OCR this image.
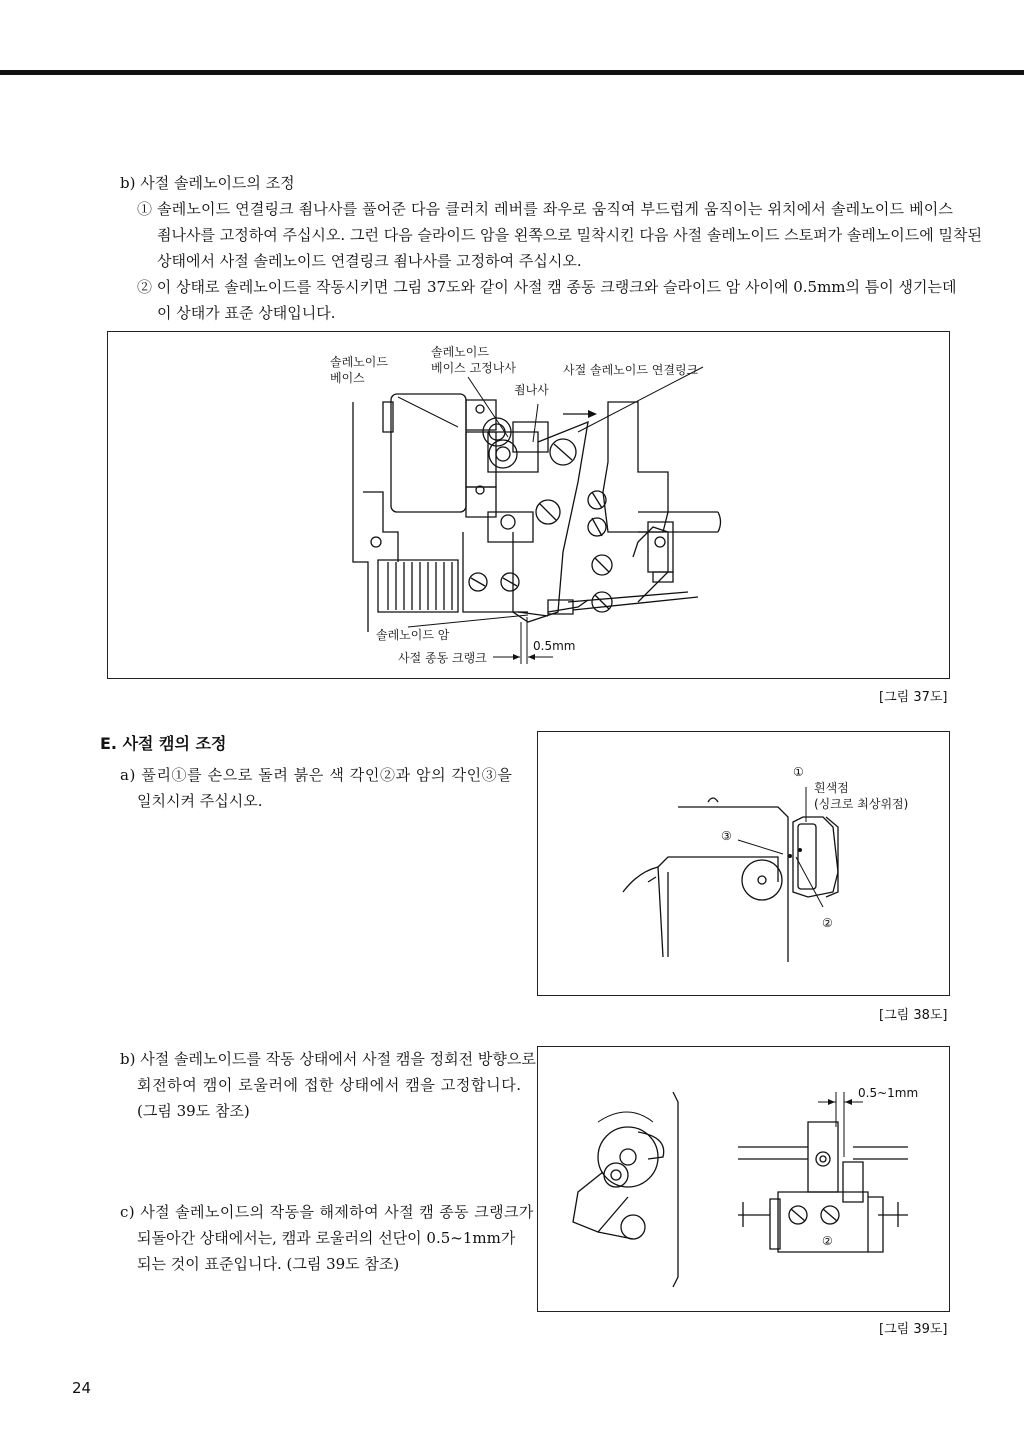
b) 사절 솔레노이드의 조정
① 솔레노이드 연결링크 죔나사를 풀어준 다음 클러치 레버를 좌우로 움직여 부드럽게 움직이는 위치에서 솔레노이드 베이스
죔나사를 고정하여 주십시오. 그런 다음 슬라이드 암을 왼쪽으로 밀착시킨 다음 사절 솔레노이드 스토퍼가 솔레노이드에 밀착된
상태에서 사절 솔레노이드 연결링크 죔나사를 고정하여 주십시오.
② 이 상태로 솔레노이드를 작동시키면 그림 37도와 같이 사절 캠 종동 크랭크와 슬라이드 암 사이에 0.5mm의 틈이 생기는데
이 상태가 표준 상태입니다.
솔레노이드
베이스
솔레노이드
베이스 고정나사	사절 솔레노이드 연결링크
죔나사
솔레노이드 암
사절 종동 크랭크
0.5mm
[그림 37도]
E. 사절 캠의 조정
a) 풀리①를 손으로 돌려 붉은 색 각인②과 암의 각인③을
일치시켜 주십시오.
①
흰색점
(싱크로 최상위점)
③
②
[그림 38도]
b) 사절 솔레노이드를 작동 상태에서 사절 캠을 정회전 방향으로
회전하여 캠이 로울러에 접한 상태에서 캠을 고정합니다.
(그림 39도 참조)
c) 사절 솔레노이드의 작동을 해제하여 사절 캠 종동 크랭크가
되돌아간 상태에서는, 캠과 로울러의 선단이 0.5~1mm가
되는 것이 표준입니다. (그림 39도 참조)
0.5~1mm
②
[그림 39도]
24
